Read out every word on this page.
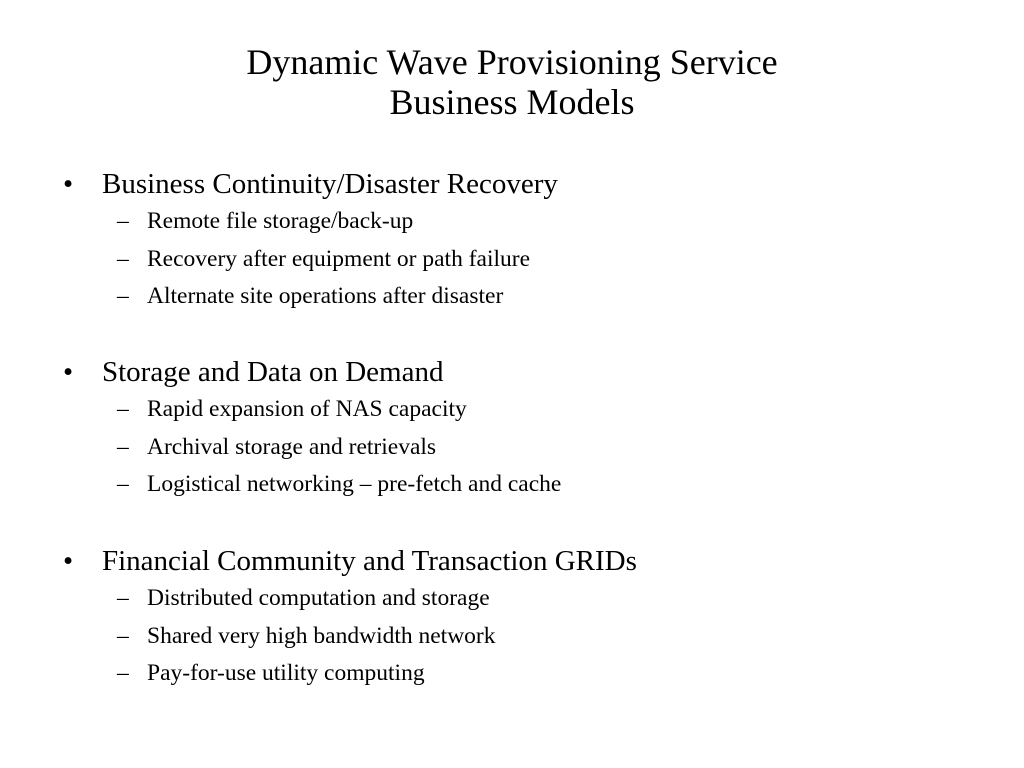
Dynamic Wave Provisioning Service
Business Models
• Business Continuity/Disaster Recovery
– Remote file storage/back-up
– Recovery after equipment or path failure
– Alternate site operations after disaster
• Storage and Data on Demand
– Rapid expansion of NAS capacity
– Archival storage and retrievals
– Logistical networking – pre-fetch and cache
• Financial Community and Transaction GRIDs
– Distributed computation and storage
– Shared very high bandwidth network
– Pay-for-use utility computing
